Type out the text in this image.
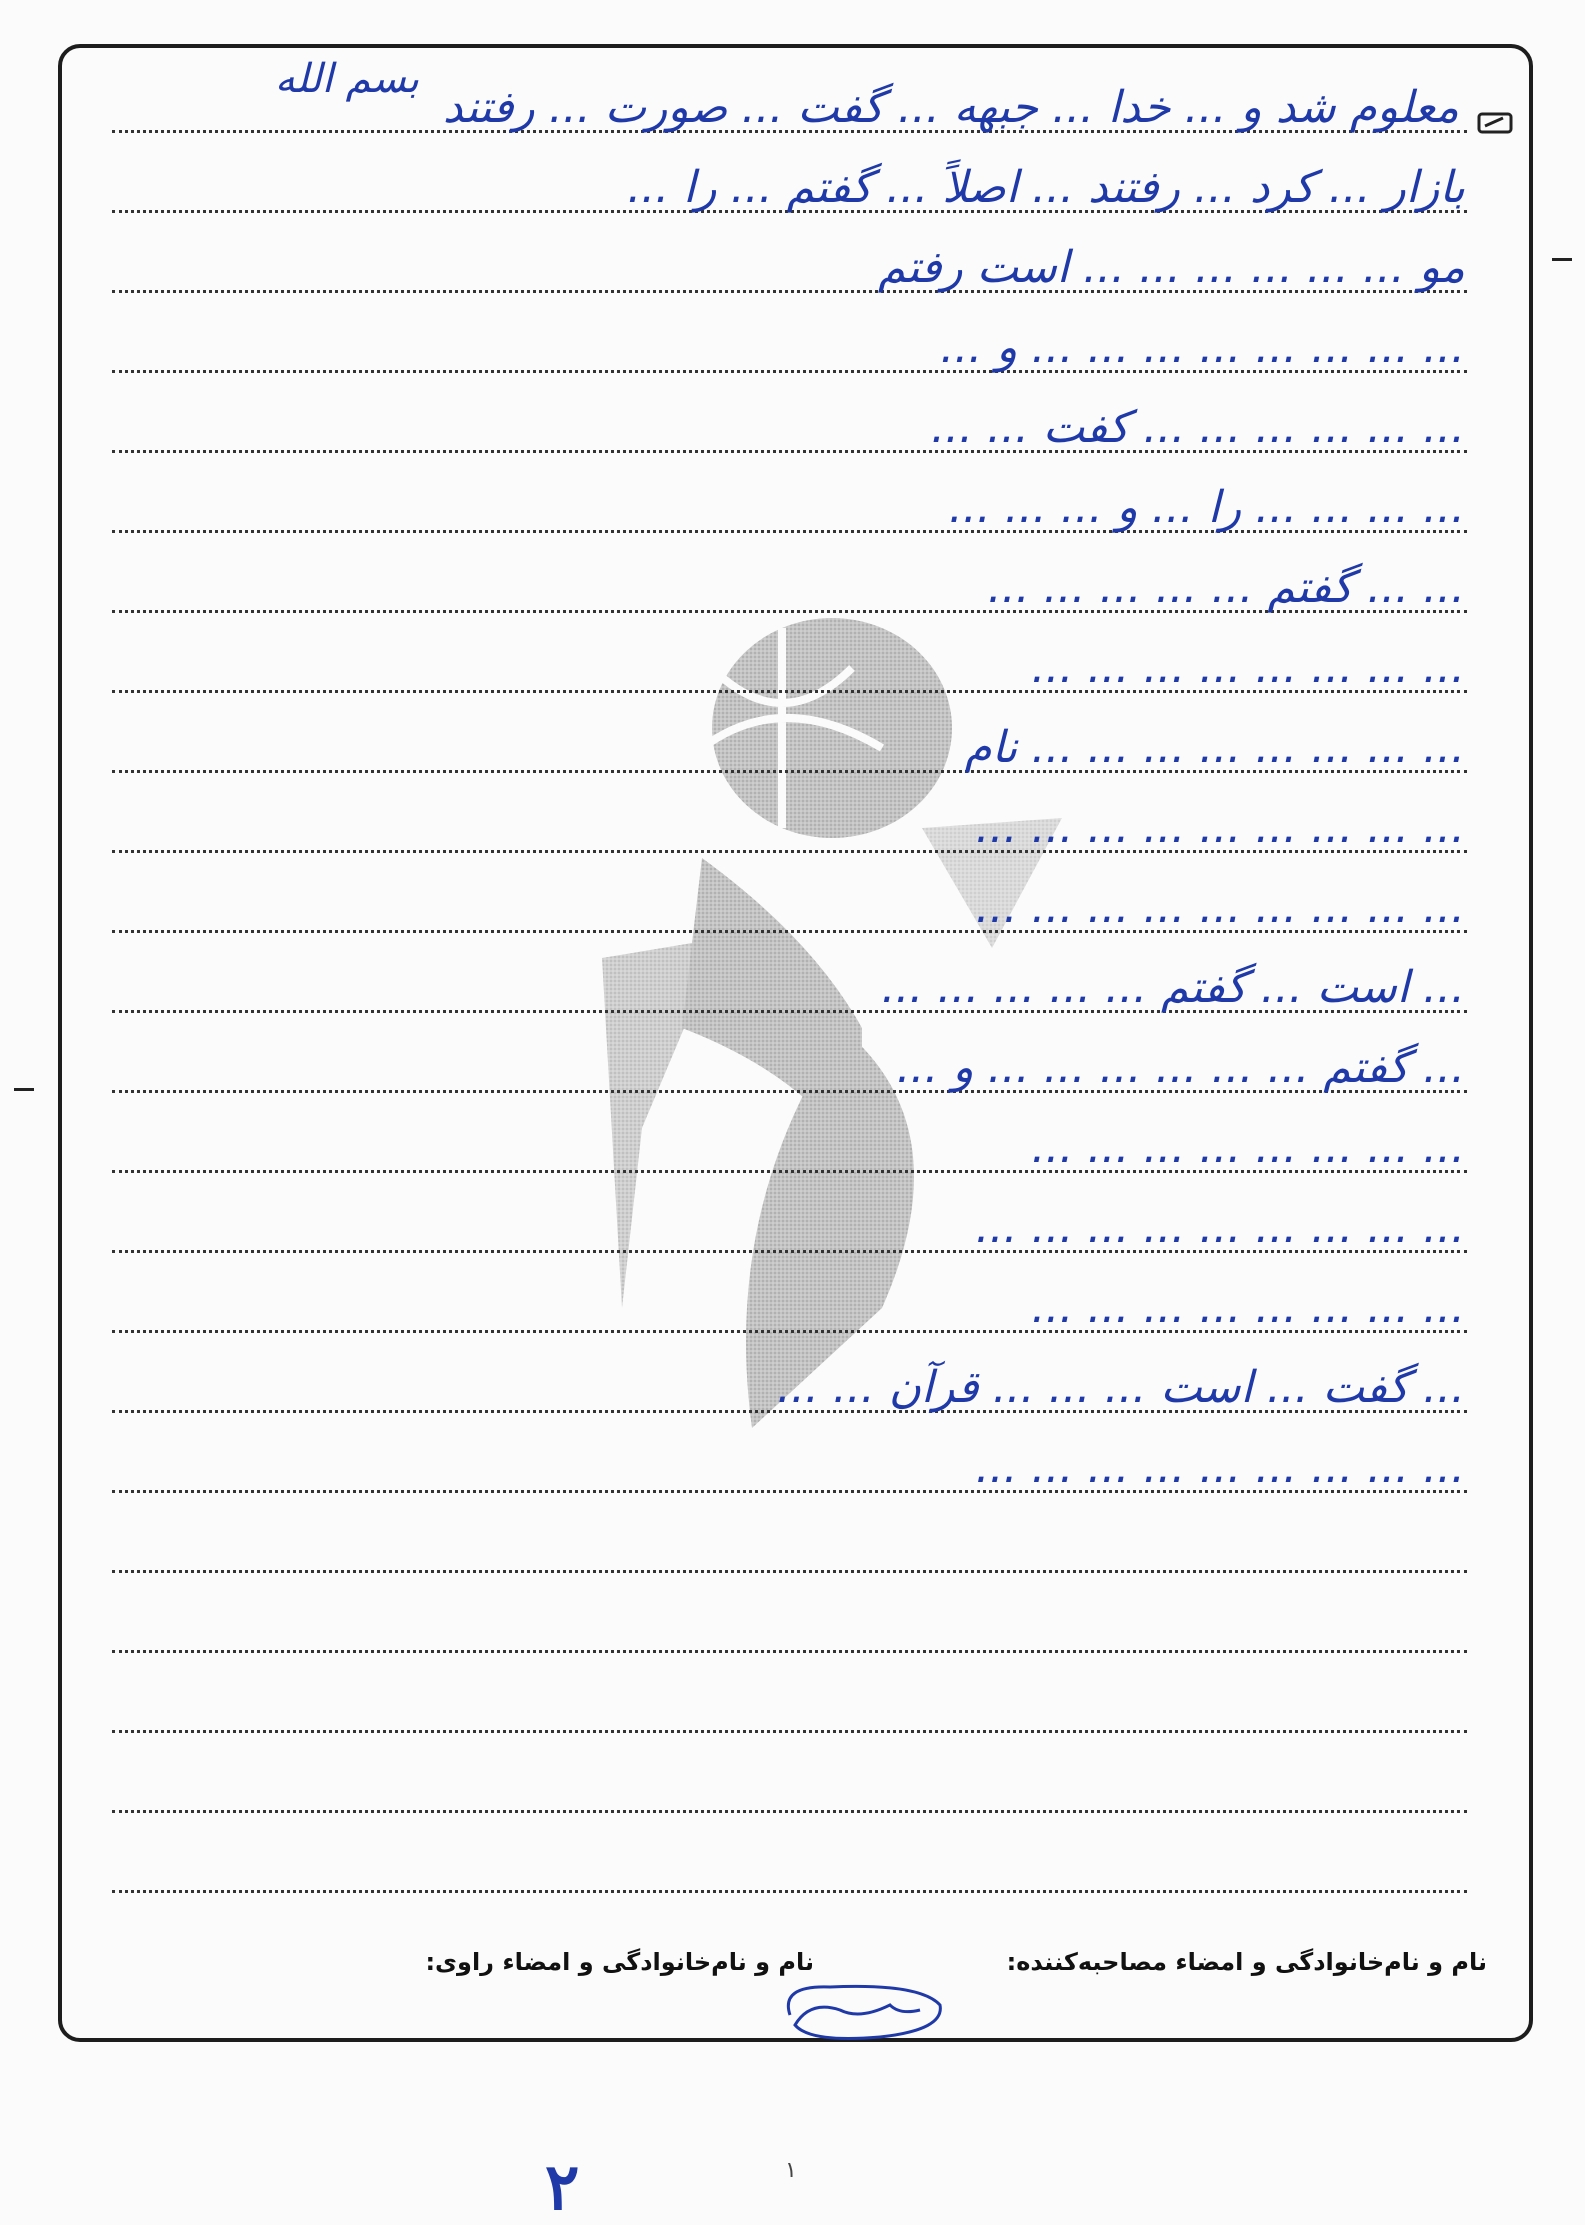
بسم الله
معلوم شد و ... خدا ... جبهه ... گفت ... صورت ... رفتند
بازار ... کرد ... رفتند ... اصلاً ... گفتم ... را ...
مو ... ... ... ... ... ... است رفتم
... ... ... ... ... ... ... ... و ...
... ... ... ... ... ... کفت ... ...
... ... ... ... را ... و ... ... ...
... ... گفتم ... ... ... ... ...
... ... ... ... ... ... ... ...
... ... ... ... ... ... ... ... نام
... ... ... ... ... ... ... ... ...
... ... ... ... ... ... ... ... ...
... است ... گفتم ... ... ... ... ...
... گفتم ... ... ... ... ... ... و ...
... ... ... ... ... ... ... ...
... ... ... ... ... ... ... ... ...
... ... ... ... ... ... ... ...
... گفت ... است ... ... ... قرآن ... ...
... ... ... ... ... ... ... ... ...
نام و نام‌خانوادگی و امضاء مصاحبه‌کننده:
نام و نام‌خانوادگی و امضاء راوی:
۲	۱
